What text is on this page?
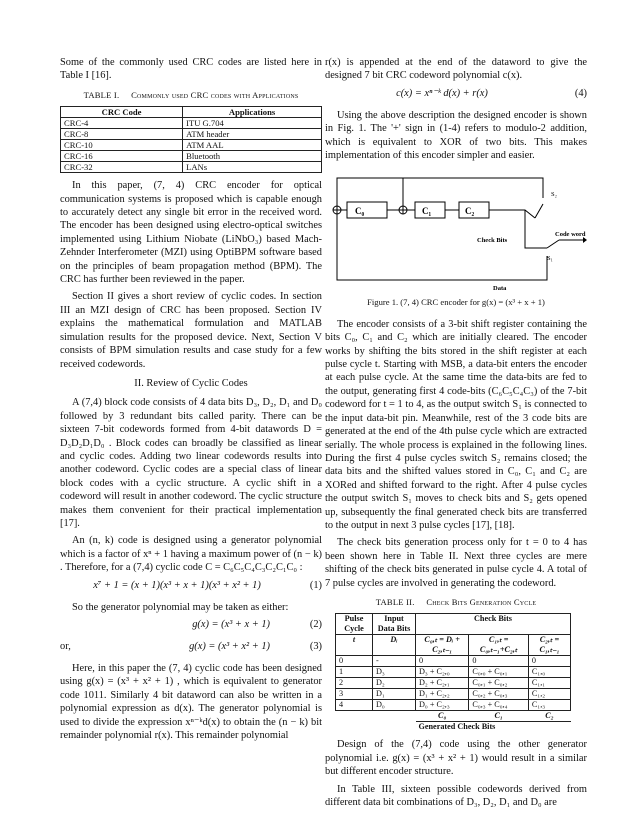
Some of the commonly used CRC codes are listed here in Table I [16].

TABLE I. Commonly used CRC codes with Applications
CRC Code	Applications
CRC-4	ITU G.704
CRC-8	ATM header
CRC-10	ATM AAL
CRC-16	Bluetooth
CRC-32	LANs

In this paper, (7, 4) CRC encoder for optical communication systems is proposed which is capable enough to accurately detect any single bit error in the received word. The encoder has been designed using electro-optical switches implemented using Lithium Niobate (LiNbO₃) based Mach-Zehnder Interferometer (MZI) using OptiBPM software based on the principles of beam propagation method (BPM). The CRC has further been reviewed in the paper.

Section II gives a short review of cyclic codes. In section III an MZI design of CRC has been proposed. Section IV explains the mathematical formulation and MATLAB simulation results for the proposed device. Next, Section V consists of BPM simulation results and case study for a few received codewords.

II. Review of Cyclic Codes

A (7,4) block code consists of 4 data bits D₃, D₂, D₁ and D₀ followed by 3 redundant bits called parity. There can be sixteen 7-bit codewords formed from 4-bit datawords D = D₃D₂D₁D₀ . Block codes can broadly be classified as linear and cyclic codes. Adding two linear codewords results into another codeword. Cyclic codes are a special class of linear block codes with a cyclic structure. A cyclic shift in a codeword will result in another codeword. The cyclic structure makes them convenient for their practical implementation [17].

An (n, k) code is designed using a generator polynomial which is a factor of xⁿ + 1 having a maximum power of (n − k) . Therefore, for a (7,4) cyclic code C = C₆C₅C₄C₃C₂C₁C₀ :

x⁷ + 1 = (x + 1)(x³ + x + 1)(x³ + x² + 1)	(1)

So the generator polynomial may be taken as either:

g(x) = (x³ + x + 1)	(2)
or,	g(x) = (x³ + x² + 1)	(3)

Here, in this paper the (7, 4) cyclic code has been designed using g(x) = (x³ + x² + 1) , which is equivalent to generator code 1011. Similarly 4 bit dataword can also be written in a polynomial expression as d(x). The generator polynomial is used to divide the expression xⁿ⁻ᵏd(x) to obtain the (n − k) bit remainder polynomial r(x). This remainder polynomial

r(x) is appended at the end of the dataword to give the designed 7 bit CRC codeword polynomial c(x).

c(x) = xⁿ⁻ᵏ d(x) + r(x)	(4)

Using the above description the designed encoder is shown in Fig. 1. The '+' sign in (1-4) refers to modulo-2 addition, which is equivalent to XOR of two bits. This makes implementation of this encoder simpler and easier.

C₀	C₁	C₂
S₂
S₁
Code word
Check Bits
Data
Figure 1. (7, 4) CRC encoder for g(x) = (x³ + x + 1)

The encoder consists of a 3-bit shift register containing the bits C₀, C₁ and C₂ which are initially cleared. The encoder works by shifting the bits stored in the shift register at each pulse cycle t. Starting with MSB, a data-bit enters the encoder at each pulse cycle. At the same time the data-bits are fed to the output, generating first 4 code-bits (C₆C₅C₄C₃) of the 7-bit codeword for t = 1 to 4, as the output switch S₁ is connected to the input data-bit pin. Meanwhile, rest of the 3 code bits are generated at the end of the 4th pulse cycle which are extracted serially. The whole process is explained in the following lines. During the first 4 pulse cycles switch S₂ remains closed; the data bits and the shifted values stored in C₀, C₁ and C₂ are XORed and shifted forward to the right. After 4 pulse cycles the output switch S₁ moves to check bits and S₂ gets opened up, subsequently the final generated check bits are transferred to the output in next 3 pulse cycles [17], [18].

The check bits generation process only for t = 0 to 4 has been shown here in Table II. Next three cycles are mere shifting of the check bits generated in pulse cycle 4. A total of 7 pulse cycles are involved in generating the codeword.

TABLE II. Check Bits Generation Cycle
Pulse Cycle	Input Data Bits	Check Bits		
t	Dᵢ	C₀,ₜ = Dᵢ + C₂,ₜ₋₁	C₁,ₜ = C₀,ₜ₋₁+C₂,ₜ	C₂,ₜ = C₁,ₜ₋₁
0	-	0	0	0
1	D₃	D₃ + C₂,₀	C₀,₀ + C₀,₁	C₁,₀
2	D₂	D₂ + C₂,₁	C₀,₁ + C₀,₂	C₁,₁
3	D₁	D₁ + C₂,₂	C₀,₂ + C₀,₃	C₁,₂
4	D₀	D₀ + C₂,₃	C₀,₃ + C₀,₄	C₁,₃
		C₀	C₁	C₂
		Generated Check Bits		

Design of the (7,4) code using the other generator polynomial i.e. g(x) = (x³ + x² + 1) would result in a similar but different encoder structure.

In Table III, sixteen possible codewords derived from different data bit combinations of D₃, D₂, D₁ and D₀ are
